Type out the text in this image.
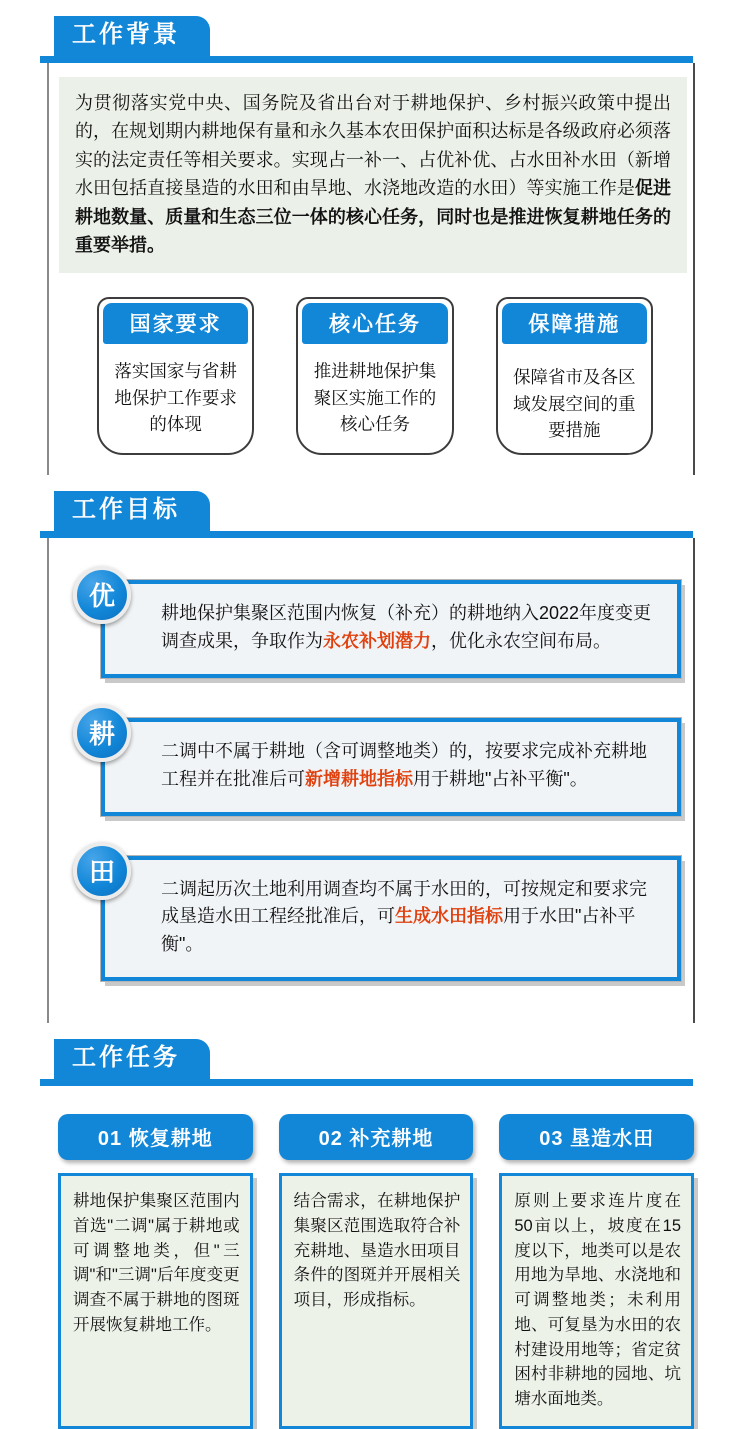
工作背景
为贯彻落实党中央、国务院及省出台对于耕地保护、乡村振兴政策中提出的，在规划期内耕地保有量和永久基本农田保护面积达标是各级政府必须落实的法定责任等相关要求。实现占一补一、占优补优、占水田补水田（新增水田包括直接垦造的水田和由旱地、水浇地改造的水田）等实施工作是促进耕地数量、质量和生态三位一体的核心任务，同时也是推进恢复耕地任务的重要举措。
国家要求
落实国家与省耕地保护工作要求的体现
核心任务
推进耕地保护集聚区实施工作的核心任务
保障措施
保障省市及各区域发展空间的重要措施
工作目标
优
耕地保护集聚区范围内恢复（补充）的耕地纳入2022年度变更调查成果，争取作为永农补划潜力，优化永农空间布局。
耕
二调中不属于耕地（含可调整地类）的，按要求完成补充耕地工程并在批准后可新增耕地指标用于耕地"占补平衡"。
田
二调起历次土地利用调查均不属于水田的，可按规定和要求完成垦造水田工程经批准后，可生成水田指标用于水田"占补平衡"。
工作任务
01 恢复耕地
耕地保护集聚区范围内首选"二调"属于耕地或可调整地类，但"三调"和"三调"后年度变更调查不属于耕地的图斑开展恢复耕地工作。
02 补充耕地
结合需求，在耕地保护集聚区范围选取符合补充耕地、垦造水田项目条件的图斑并开展相关项目，形成指标。
03 垦造水田
原则上要求连片度在50亩以上，坡度在15度以下，地类可以是农用地为旱地、水浇地和可调整地类；未利用地、可复垦为水田的农村建设用地等；省定贫困村非耕地的园地、坑塘水面地类。
